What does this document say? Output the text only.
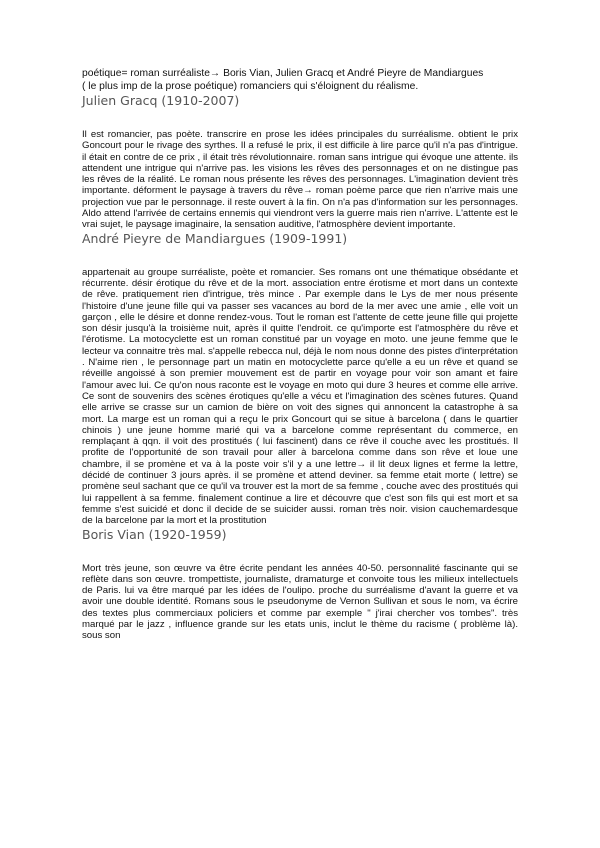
poétique= roman surréaliste→ Boris Vian, Julien Gracq et André Pieyre de Mandiargues

( le plus imp de la prose poétique) romanciers qui s'éloignent du réalisme.

Julien Gracq (1910-2007)

Il est romancier, pas poète. transcrire en prose les idées principales du surréalisme. obtient le prix Goncourt pour le rivage des syrthes. Il a refusé le prix, il est difficile à lire parce qu'il n'a pas d'intrigue. il était en contre de ce prix , il était très révolutionnaire. roman sans intrigue qui évoque une attente. ils attendent une intrigue qui n'arrive pas. les visions les rêves des personnages et on ne distingue pas les rêves de la réalité. Le roman nous présente les rêves des personnages. L'imagination devient très importante. déforment le paysage à travers du rêve→ roman poème parce que rien n'arrive mais une projection vue par le personnage. il reste ouvert à la fin. On n'a pas d'information sur les personnages. Aldo attend l'arrivée de certains ennemis qui viendront vers la guerre mais rien n'arrive. L'attente est le vrai sujet, le paysage imaginaire, la sensation auditive, l'atmosphère devient importante.

André Pieyre de Mandiargues (1909-1991)

appartenait au groupe surréaliste, poète et romancier. Ses romans ont une thématique obsédante et récurrente. désir érotique du rêve et de la mort. association entre érotisme et mort dans un contexte de rêve. pratiquement rien d'intrigue, très mince . Par exemple dans le Lys de mer nous présente l'histoire d'une jeune fille qui va passer ses vacances au bord de la mer avec une amie , elle voit un garçon , elle le désire et donne rendez-vous. Tout le roman est l'attente de cette jeune fille qui projette son désir jusqu'à la troisième nuit, après il quitte l'endroit. ce qu'importe est l'atmosphère du rêve et l'érotisme. La motocyclette est un roman constitué par un voyage en moto. une jeune femme que le lecteur va connaitre très mal. s'appelle rebecca nul, déjà le nom nous donne des pistes d'interprétation . N'aime rien , le personnage part un matin en motocyclette parce qu'elle a eu un rêve et quand se réveille angoissé à son premier mouvement est de partir en voyage pour voir son amant et faire l'amour avec lui. Ce qu'on nous raconte est le voyage en moto qui dure 3 heures et comme elle arrive. Ce sont de souvenirs des scènes érotiques qu'elle a vécu et l'imagination des scènes futures. Quand elle arrive se crasse sur un camion de bière on voit des signes qui annoncent la catastrophe à sa mort. La marge est un roman qui a reçu le prix Goncourt qui se situe à barcelona ( dans le quartier chinois ) une jeune homme marié qui va a barcelone comme représentant du commerce, en remplaçant à qqn. il voit des prostitués ( lui fascinent) dans ce rêve il couche avec les prostitués. Il profite de l'opportunité de son travail pour aller à barcelona comme dans son rêve et loue une chambre, il se promène et va à la poste voir s'il y a une lettre→ il lit deux lignes et ferme la lettre, décidé de continuer 3 jours après. il se promène et attend deviner. sa femme etait morte ( lettre) se promène seul sachant que ce qu'il va trouver est la mort de sa femme , couche avec des prostitués qui lui rappellent à sa femme. finalement continue a lire et découvre que c'est son fils qui est mort et sa femme s'est suicidé et donc il decide de se suicider aussi. roman très noir. vision cauchemardesque de la barcelone par la mort et la prostitution

Boris Vian (1920-1959)

Mort très jeune, son œuvre va être écrite pendant les années 40-50. personnalité fascinante qui se reflète dans son œuvre. trompettiste, journaliste, dramaturge et convoite tous les milieux intellectuels de Paris. lui va être marqué par les idées de l'oulipo. proche du surréalisme d'avant la guerre et va avoir une double identité. Romans sous le pseudonyme de Vernon Sullivan et sous le nom, va écrire des textes plus commerciaux policiers et comme par exemple " j'irai chercher vos tombes". très marqué par le jazz , influence grande sur les etats unis, inclut le thème du racisme ( problème là). sous son
